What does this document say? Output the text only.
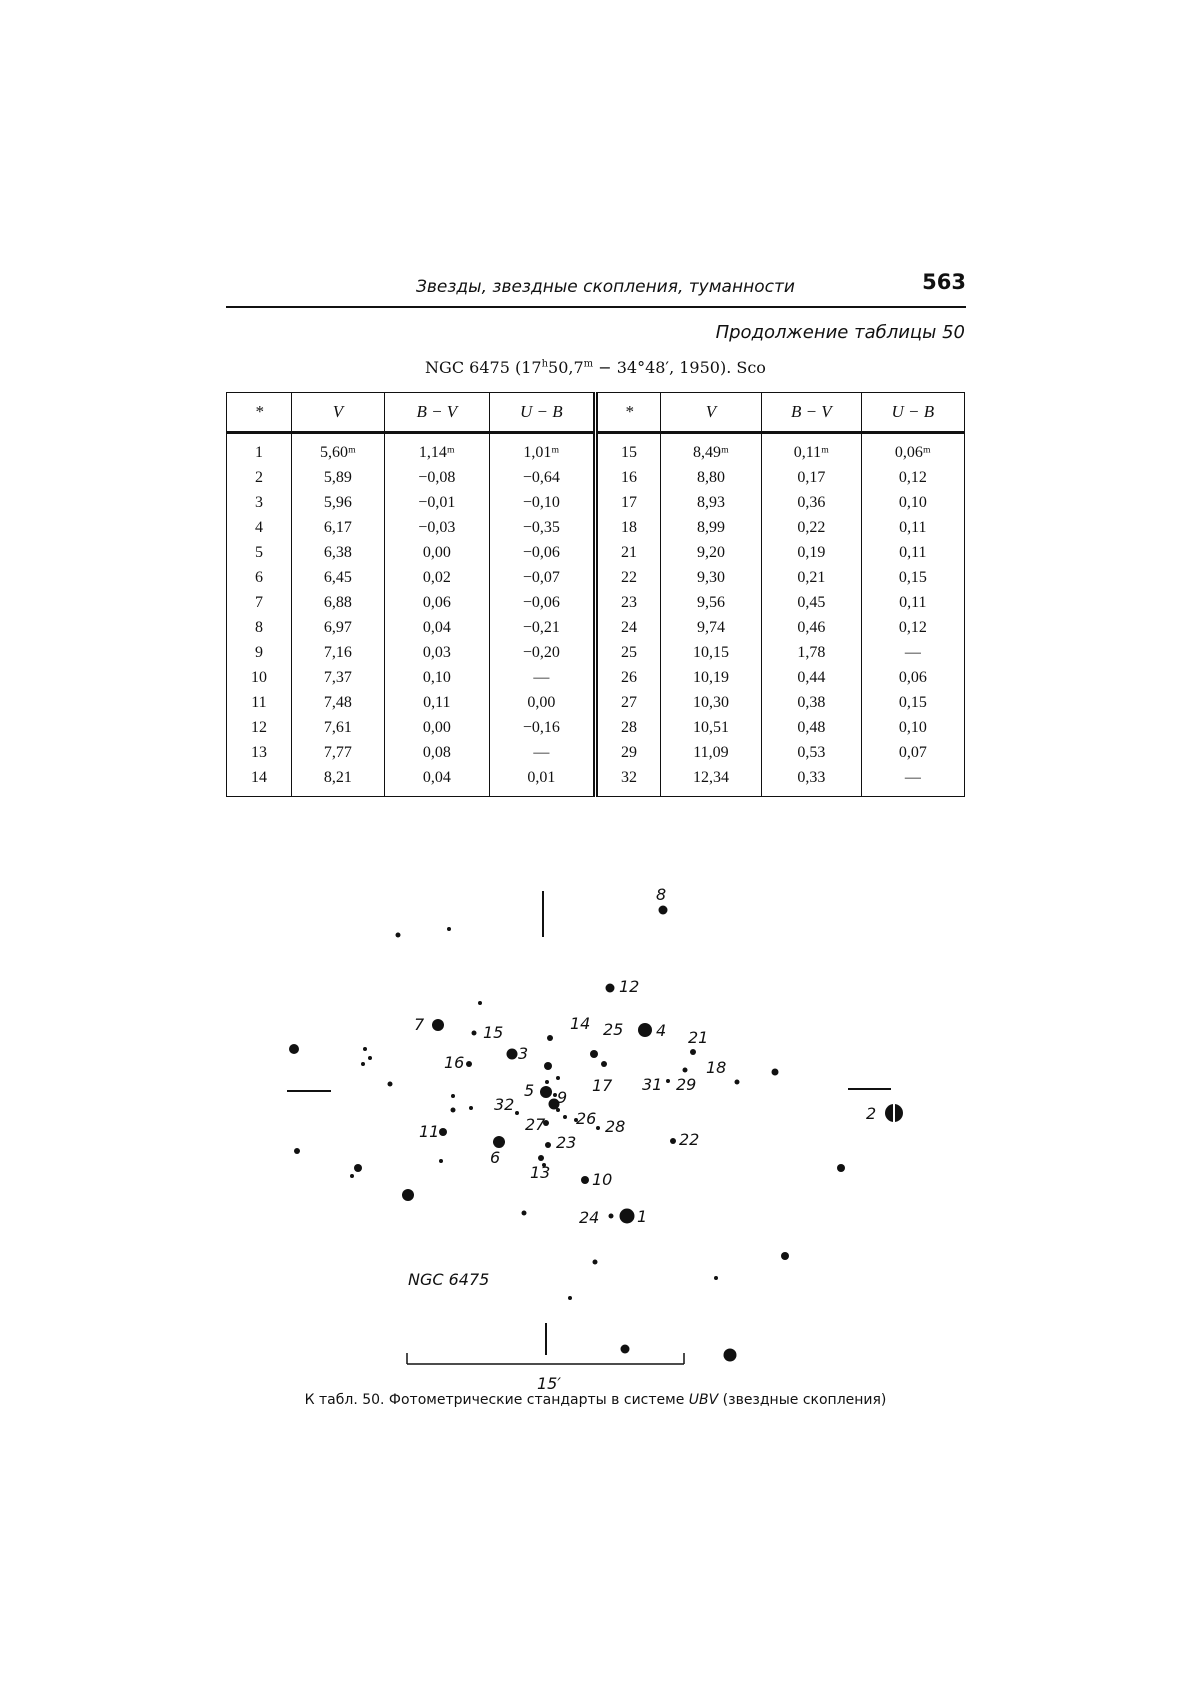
Звезды, звездные скопления, туманности	563
Продолжение таблицы 50
NGC 6475 ($17^h50,7^m - 34^\circ 48'$, 1950). Sco
*	V	B − V	U − B	*	V	B − V	U − B
1	5,60ᵐ	1,14ᵐ	1,01ᵐ	15	8,49ᵐ	0,11ᵐ	0,06ᵐ
2	5,89	−0,08	−0,64	16	8,80	0,17	0,12
3	5,96	−0,01	−0,10	17	8,93	0,36	0,10
4	6,17	−0,03	−0,35	18	8,99	0,22	0,11
5	6,38	0,00	−0,06	21	9,20	0,19	0,11
6	6,45	0,02	−0,07	22	9,30	0,21	0,15
7	6,88	0,06	−0,06	23	9,56	0,45	0,11
8	6,97	0,04	−0,21	24	9,74	0,46	0,12
9	7,16	0,03	−0,20	25	10,15	1,78	—
10	7,37	0,10	—	26	10,19	0,44	0,06
11	7,48	0,11	0,00	27	10,30	0,38	0,15
12	7,61	0,00	−0,16	28	10,51	0,48	0,10
13	7,77	0,08	—	29	11,09	0,53	0,07
14	8,21	0,04	0,01	32	12,34	0,33	—
8
12
7	15	14 25 4 21
16	3
18
31 29
5 9
17
32
26 28
2
11	27
23	22
6
13	10
24 1
NGC 6475
15′
К табл. 50. Фотометрические стандарты в системе UBV (звездные скопления)
